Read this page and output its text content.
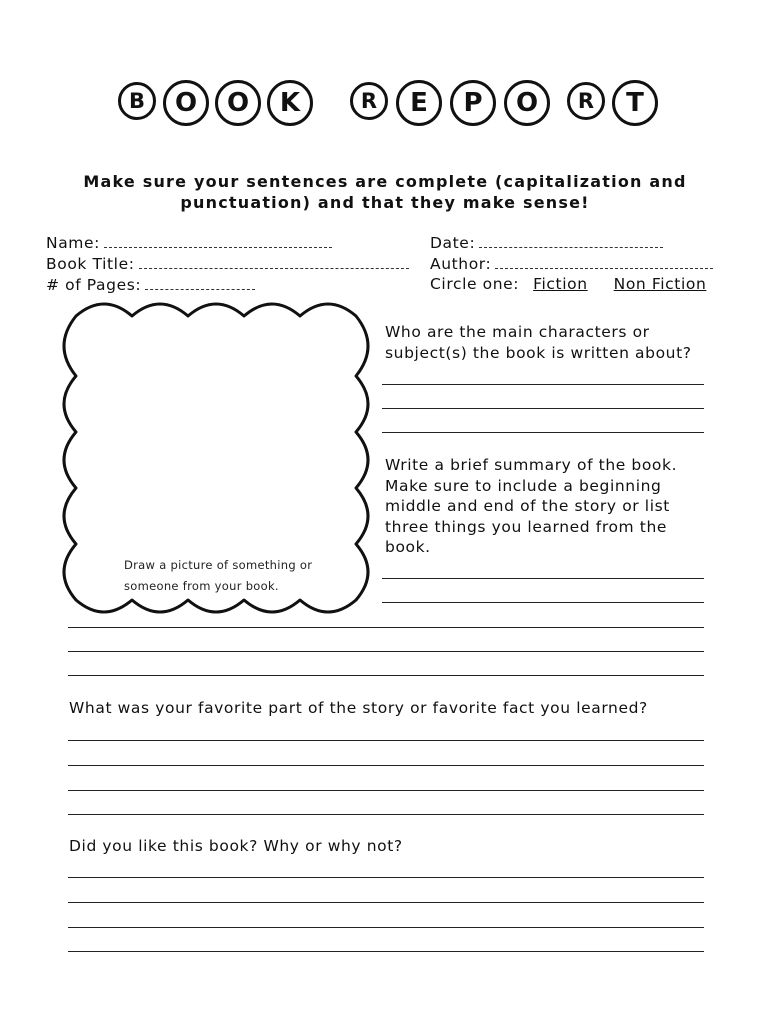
B	O	O	K	R	E	P	O	R	T
Make sure your sentences are complete (capitalization and punctuation) and that they make sense!
Name:
Book Title:
# of Pages:
Date:
Author:
Circle one: Fiction Non Fiction
Draw a picture of something or someone from your book.
Who are the main characters or subject(s) the book is written about?
Write a brief summary of the book. Make sure to include a beginning middle and end of the story or list three things you learned from the book.
What was your favorite part of the story or favorite fact you learned?
Did you like this book? Why or why not?
